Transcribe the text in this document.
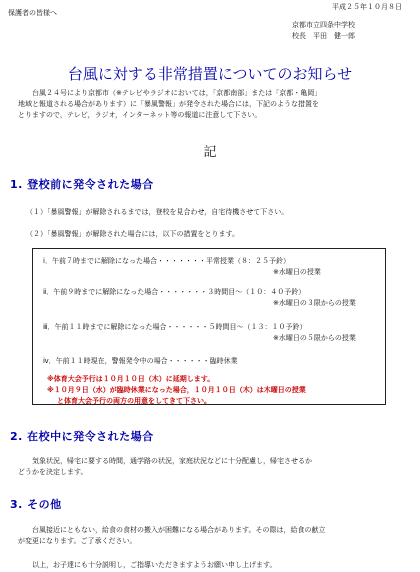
保護者の皆様へ
平成２５年１０月８日
京都市立四条中学校
校長　平田　健一郎
台風に対する非常措置についてのお知らせ
台風２４号により京都市（※テレビやラジオにおいては，「京都南部」または「京都・亀岡」
地域と報道される場合があります）に「暴風警報」が発令された場合には，下記のような措置を
とりますので，テレビ，ラジオ，インターネット等の報道に注意して下さい。
記
1. 登校前に発令された場合
（１）「暴風警報」が解除されるまでは，登校を見合わせ，自宅待機させて下さい。
（２）「暴風警報」が解除された場合には，以下の措置をとります。
ⅰ．午前７時までに解除になった場合・・・・・・・平常授業（８：２５予鈴）
※水曜日の授業
ⅱ．午前９時までに解除になった場合・・・・・・・３時間目～（１０：４０予鈴）
※水曜日の３限からの授業
ⅲ．午前１１時までに解除になった場合・・・・・・５時間目～（１３：１０予鈴）
※水曜日の５限からの授業
ⅳ．午前１１時現在，警報発令中の場合・・・・・・臨時休業
※体育大会予行は１０月１０日（木）に延期します。
※１０月９日（水）が臨時休業になった場合，１０月１０日（木）は木曜日の授業
と体育大会予行の両方の用意をしてきて下さい。
2. 在校中に発令された場合
気象状況，帰宅に要する時間，通学路の状況，家庭状況などに十分配慮し，帰宅させるか
どうかを決定します。
3. その他
台風接近にともない，給食の食材の搬入が困難になる場合があります。その際は，給食の献立
が変更になります。ご了承ください。
以上，お子達にも十分説明し，ご指導いただきますようお願い申し上げます。
